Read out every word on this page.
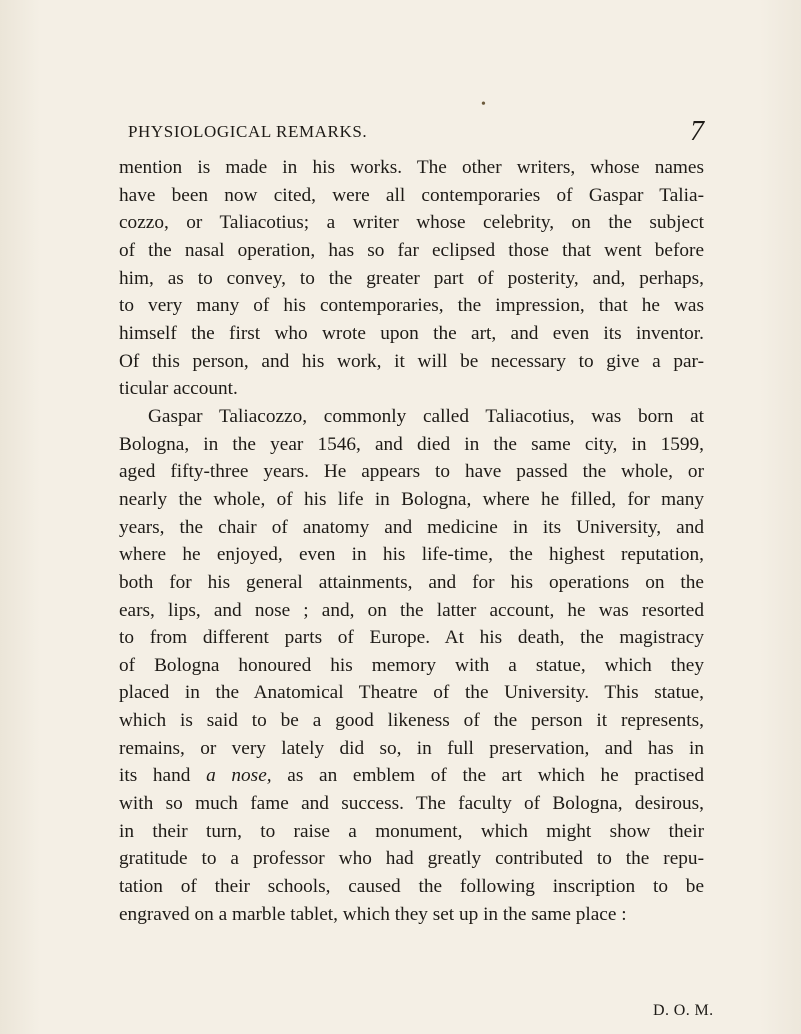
•
PHYSIOLOGICAL REMARKS.	7
mention is made in his works. The other writers, whose names
have been now cited, were all contemporaries of Gaspar Talia-
cozzo, or Taliacotius; a writer whose celebrity, on the subject
of the nasal operation, has so far eclipsed those that went before
him, as to convey, to the greater part of posterity, and, perhaps,
to very many of his contemporaries, the impression, that he was
himself the first who wrote upon the art, and even its inventor.
Of this person, and his work, it will be necessary to give a par-
ticular account.
Gaspar Taliacozzo, commonly called Taliacotius, was born at
Bologna, in the year 1546, and died in the same city, in 1599,
aged fifty-three years. He appears to have passed the whole, or
nearly the whole, of his life in Bologna, where he filled, for many
years, the chair of anatomy and medicine in its University, and
where he enjoyed, even in his life-time, the highest reputation,
both for his general attainments, and for his operations on the
ears, lips, and nose ; and, on the latter account, he was resorted
to from different parts of Europe. At his death, the magistracy
of Bologna honoured his memory with a statue, which they
placed in the Anatomical Theatre of the University. This statue,
which is said to be a good likeness of the person it represents,
remains, or very lately did so, in full preservation, and has in
its hand a nose, as an emblem of the art which he practised
with so much fame and success. The faculty of Bologna, desirous,
in their turn, to raise a monument, which might show their
gratitude to a professor who had greatly contributed to the repu-
tation of their schools, caused the following inscription to be
engraved on a marble tablet, which they set up in the same place :
D. O. M.
